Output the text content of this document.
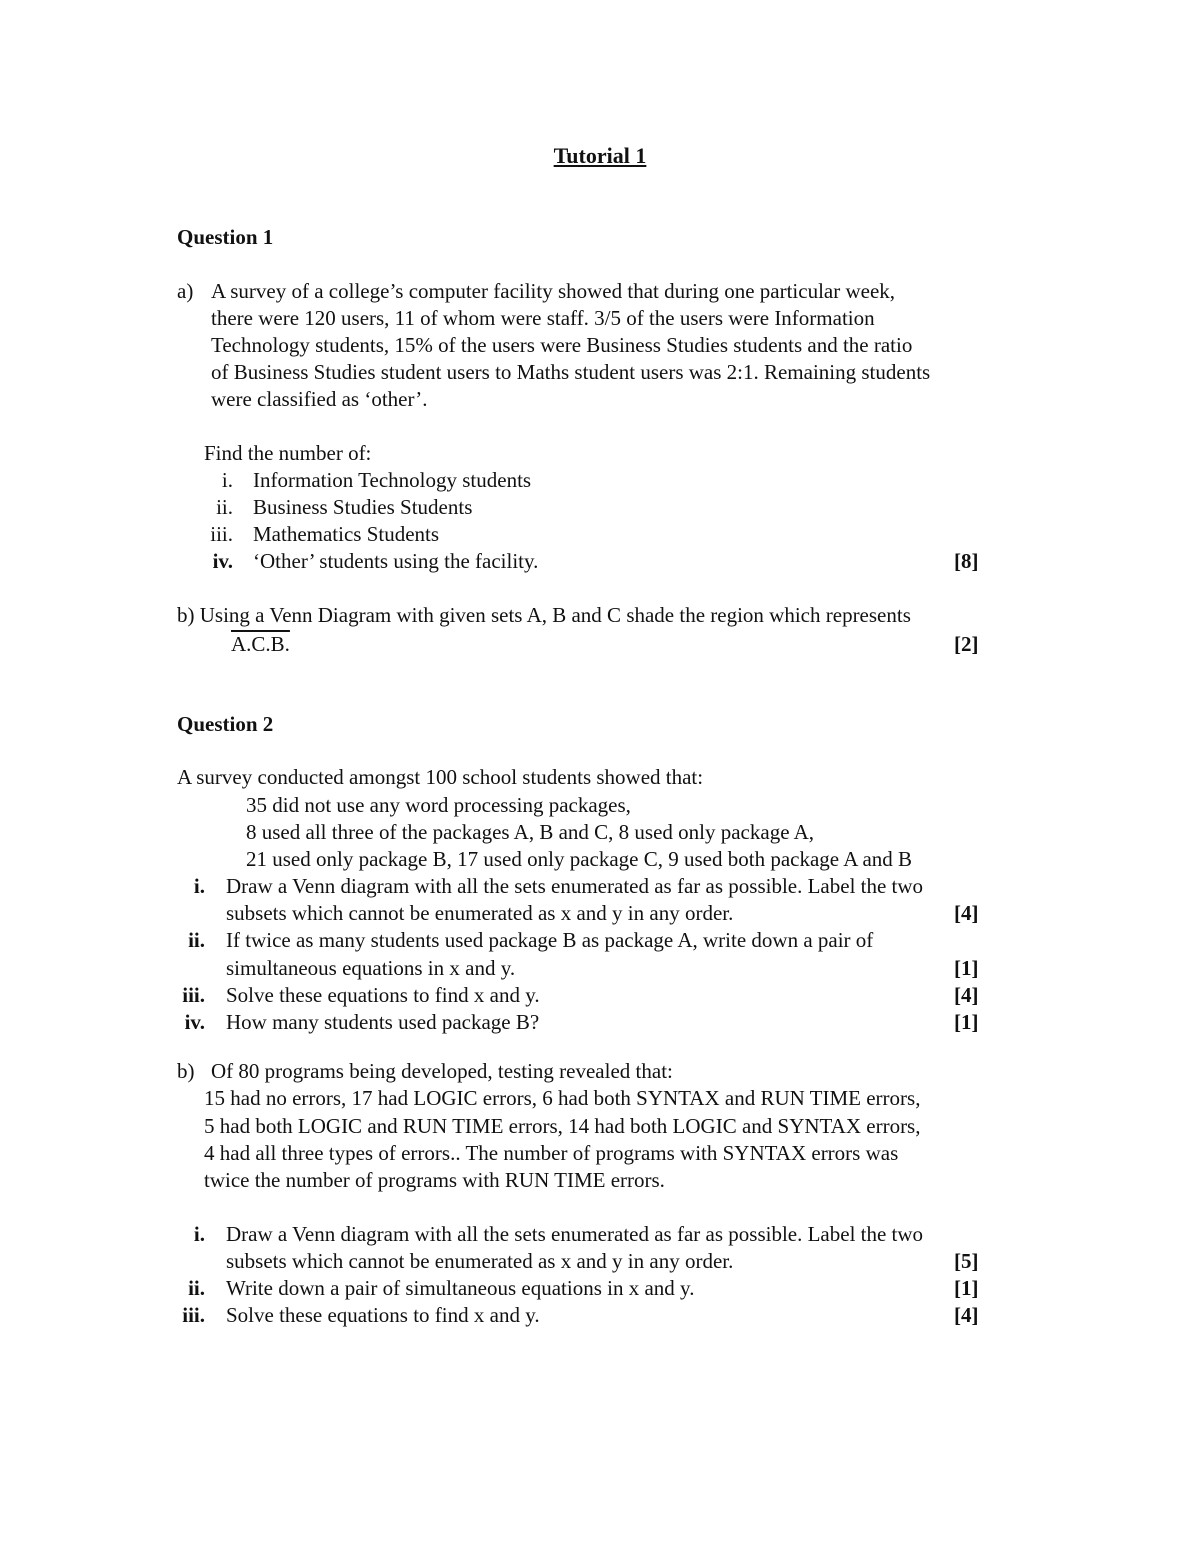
Tutorial 1
Question 1
a) A survey of a college’s computer facility showed that during one particular week,
there were 120 users, 11 of whom were staff. 3/5 of the users were Information
Technology students, 15% of the users were Business Studies students and the ratio
of Business Studies student users to Maths student users was 2:1. Remaining students
were classified as ‘other’.
Find the number of:
i. Information Technology students
ii. Business Studies Students
iii. Mathematics Students
iv. ‘Other’ students using the facility.	[8]
b) Using a Venn Diagram with given sets A, B and C shade the region which represents
A.C.B.	[2]
Question 2
A survey conducted amongst 100 school students showed that:
35 did not use any word processing packages,
8 used all three of the packages A, B and C, 8 used only package A,
21 used only package B, 17 used only package C, 9 used both package A and B
i. Draw a Venn diagram with all the sets enumerated as far as possible. Label the two
subsets which cannot be enumerated as x and y in any order.	[4]
ii. If twice as many students used package B as package A, write down a pair of
simultaneous equations in x and y.	[1]
iii. Solve these equations to find x and y.	[4]
iv. How many students used package B?	[1]
b) Of 80 programs being developed, testing revealed that:
15 had no errors, 17 had LOGIC errors, 6 had both SYNTAX and RUN TIME errors,
5 had both LOGIC and RUN TIME errors, 14 had both LOGIC and SYNTAX errors,
4 had all three types of errors.. The number of programs with SYNTAX errors was
twice the number of programs with RUN TIME errors.
i. Draw a Venn diagram with all the sets enumerated as far as possible. Label the two
subsets which cannot be enumerated as x and y in any order.	[5]
ii. Write down a pair of simultaneous equations in x and y.	[1]
iii. Solve these equations to find x and y.	[4]
